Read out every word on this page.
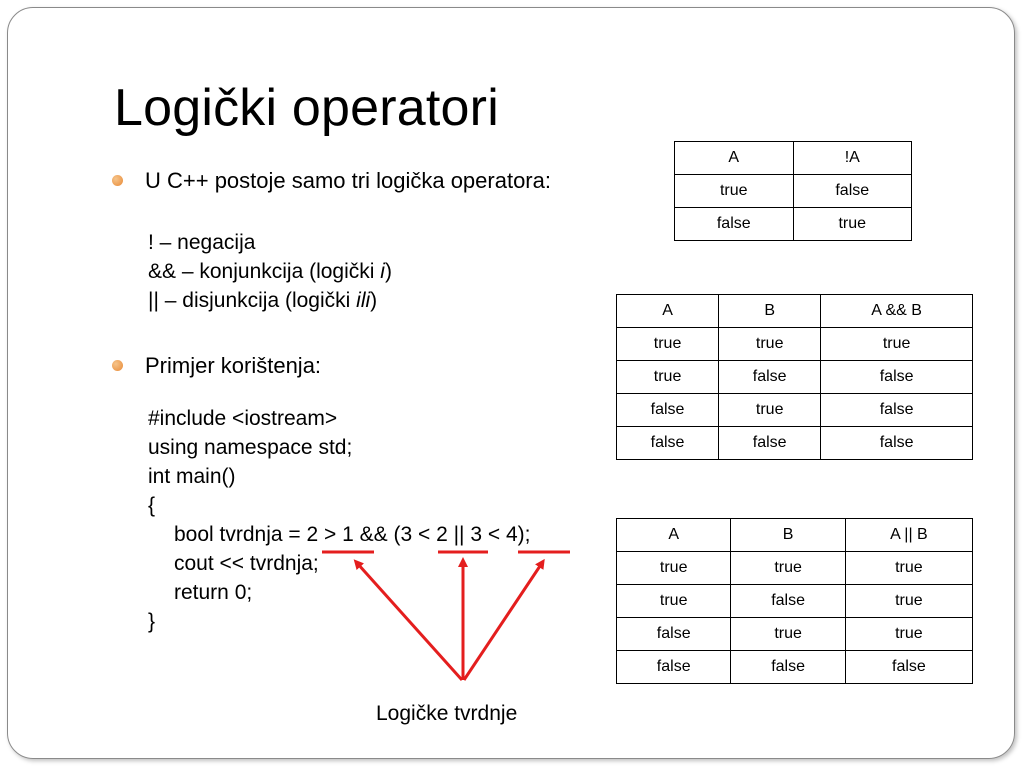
Logički operatori
U C++ postoje samo tri logička operatora:
! – negacija
&& – konjunkcija (logički i)
|| – disjunkcija (logički ili)
Primjer korištenja:
#include <iostream>
using namespace std;
int main()
{
bool tvrdnja = 2 > 1 && (3 < 2 || 3 < 4);
cout << tvrdnja;
return 0;
}
Logičke tvrdnje
A	!A
true	false
false	true
A	B	A && B
true	true	true
true	false	false
false	true	false
false	false	false
A	B	A || B
true	true	true
true	false	true
false	true	true
false	false	false
